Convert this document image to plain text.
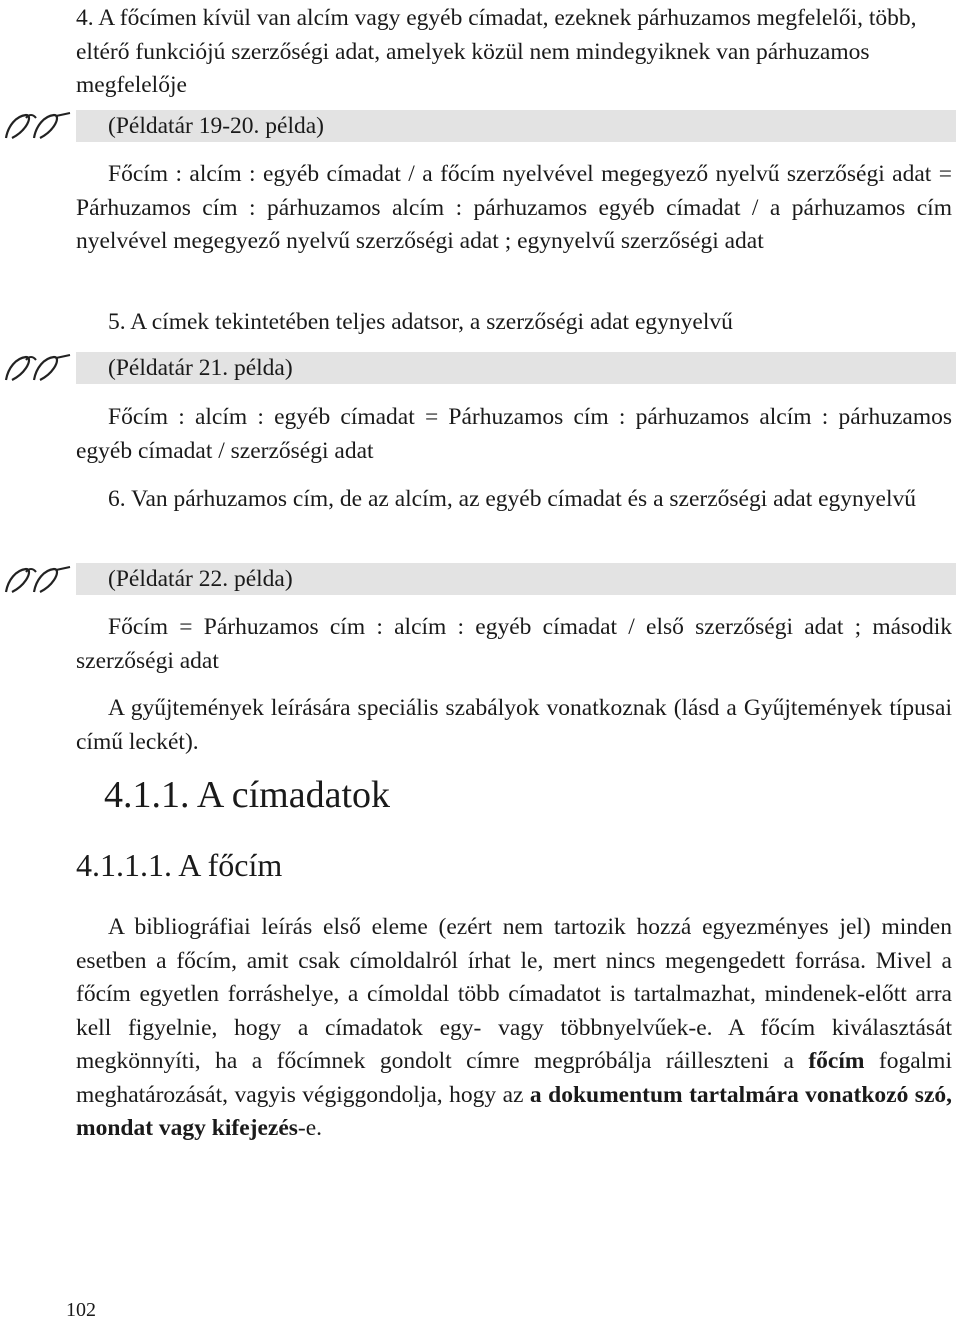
4. A főcímen kívül van alcím vagy egyéb címadat, ezeknek párhuzamos megfelelői, több, eltérő funkciójú szerzőségi adat, amelyek közül nem mindegyiknek van párhuzamos megfelelője
(Példatár 19-20. példa)
Főcím : alcím : egyéb címadat / a főcím nyelvével megegyező nyelvű szerzőségi adat = Párhuzamos cím : párhuzamos alcím : párhuzamos egyéb címadat / a párhuzamos cím nyelvével megegyező nyelvű szerzőségi adat ; egynyelvű szerzőségi adat
5. A címek tekintetében teljes adatsor, a szerzőségi adat egynyelvű
(Példatár 21. példa)
Főcím : alcím : egyéb címadat = Párhuzamos cím : párhuzamos alcím : párhuzamos egyéb címadat / szerzőségi adat
6. Van párhuzamos cím, de az alcím, az egyéb címadat és a szerzőségi adat egynyelvű
(Példatár 22. példa)
Főcím = Párhuzamos cím : alcím : egyéb címadat / első szerzőségi adat ; második szerzőségi adat
A gyűjtemények leírására speciális szabályok vonatkoznak (lásd a Gyűjtemények típusai című leckét).
4.1.1. A címadatok
4.1.1.1. A főcím
A bibliográfiai leírás első eleme (ezért nem tartozik hozzá egyezményes jel) minden esetben a főcím, amit csak címoldalról írhat le, mert nincs megengedett forrása. Mivel a főcím egyetlen forráshelye, a címoldal több címadatot is tartalmazhat, mindenek-előtt arra kell figyelnie, hogy a címadatok egy- vagy többnyelvűek-e. A főcím kiválasztását megkönnyíti, ha a főcímnek gondolt címre megpróbálja ráilleszteni a főcím fogalmi meghatározását, vagyis végiggondolja, hogy az a dokumentum tartalmára vonatkozó szó, mondat vagy kifejezés-e.
102
